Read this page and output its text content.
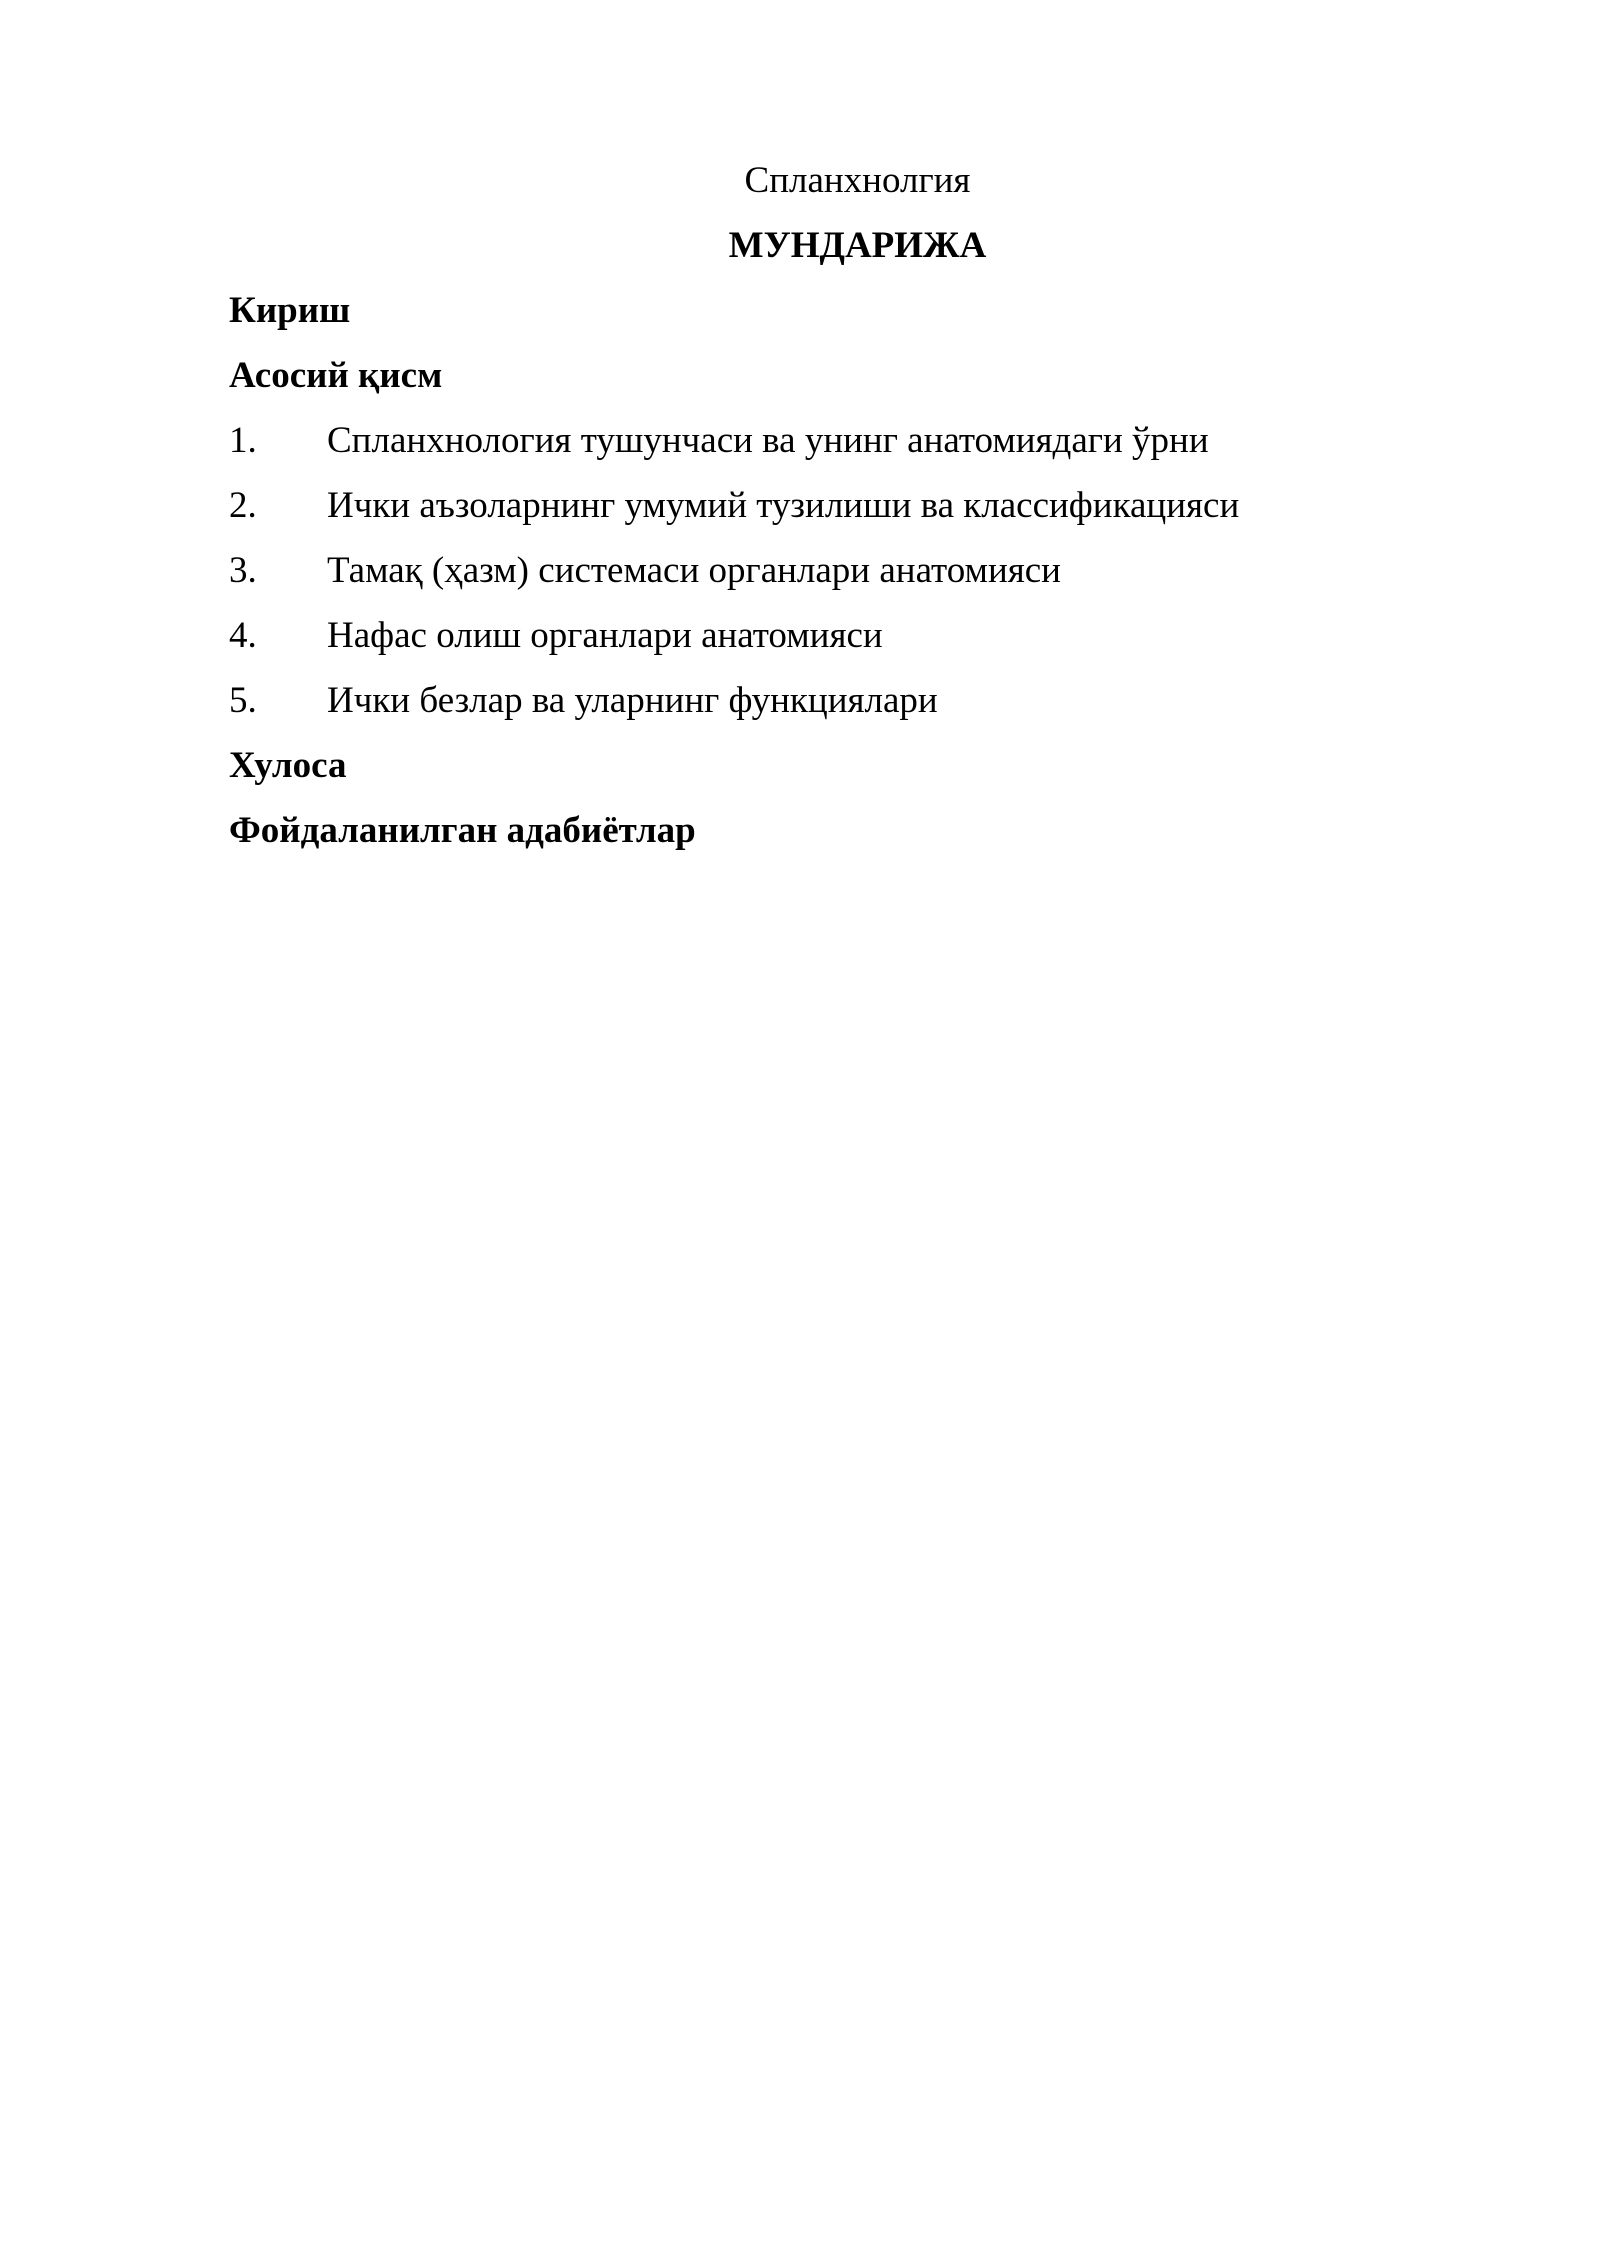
Спланхнолгия

МУНДАРИЖА

Кириш

Асосий қисм

1.	Спланхнология тушунчаси ва унинг анатомиядаги ўрни
2.	Ички аъзоларнинг умумий тузилиши ва классификацияси
3.	Тамақ (ҳазм) системаси органлари анатомияси
4.	Нафас олиш органлари анатомияси
5.	Ички безлар ва уларнинг функциялари

Хулоса

Фойдаланилган адабиётлар
